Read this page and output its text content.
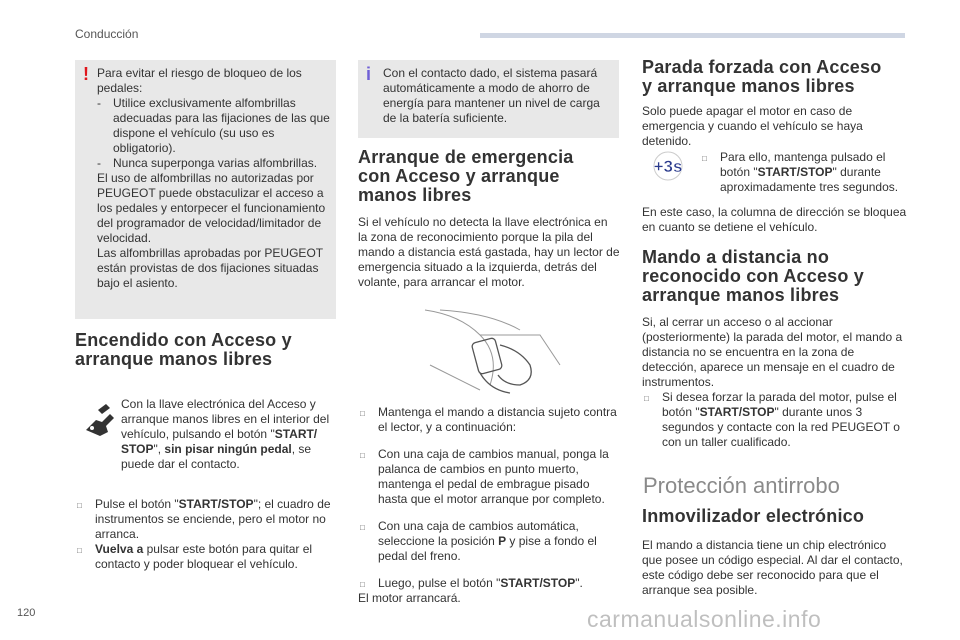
Conducción
! Para evitar el riesgo de bloqueo de los pedales:

- Utilice exclusivamente alfombrillas adecuadas para las fijaciones de las que dispone el vehículo (su uso es obligatorio).
- Nunca superponga varias alfombrillas.

El uso de alfombrillas no autorizadas por PEUGEOT puede obstaculizar el acceso a los pedales y entorpecer el funcionamiento del programador de velocidad/limitador de velocidad.

Las alfombrillas aprobadas por PEUGEOT están provistas de dos fijaciones situadas bajo el asiento.

Encendido con Acceso y
arranque manos libres
Con la llave electrónica del Acceso y arranque manos libres en el interior del vehículo, pulsando el botón "START/ STOP", sin pisar ningún pedal, se puede dar el contacto.
□ Pulse el botón "START/STOP"; el cuadro de instrumentos se enciende, pero el motor no arranca.
□ Vuelva a pulsar este botón para quitar el contacto y poder bloquear el vehículo.
i Con el contacto dado, el sistema pasará automáticamente a modo de ahorro de energía para mantener un nivel de carga de la batería suficiente.
Arranque de emergencia
con Acceso y arranque
manos libres
Si el vehículo no detecta la llave electrónica en la zona de reconocimiento porque la pila del mando a distancia está gastada, hay un lector de emergencia situado a la izquierda, detrás del volante, para arrancar el motor.
□ Mantenga el mando a distancia sujeto contra el lector, y a continuación:
□ Con una caja de cambios manual, ponga la palanca de cambios en punto muerto, mantenga el pedal de embrague pisado hasta que el motor arranque por completo.
□ Con una caja de cambios automática, seleccione la posición P y pise a fondo el pedal del freno.
□ Luego, pulse el botón "START/STOP".

El motor arrancará.

Parada forzada con Acceso
y arranque manos libres
Solo puede apagar el motor en caso de emergencia y cuando el vehículo se haya detenido.
+3s
□	Para ello, mantenga pulsado el botón "START/STOP" durante aproximadamente tres segundos.
En este caso, la columna de dirección se bloquea en cuanto se detiene el vehículo.
Mando a distancia no
reconocido con Acceso y
arranque manos libres

Si, al cerrar un acceso o al accionar (posteriormente) la parada del motor, el mando a distancia no se encuentra en la zona de detección, aparece un mensaje en el cuadro de instrumentos.

□ Si desea forzar la parada del motor, pulse el botón "START/STOP" durante unos 3 segundos y contacte con la red PEUGEOT o con un taller cualificado.
Protección antirrobo
Inmovilizador electrónico
El mando a distancia tiene un chip electrónico que posee un código especial. Al dar el contacto, este código debe ser reconocido para que el arranque sea posible.
120	carmanualsonline.info
